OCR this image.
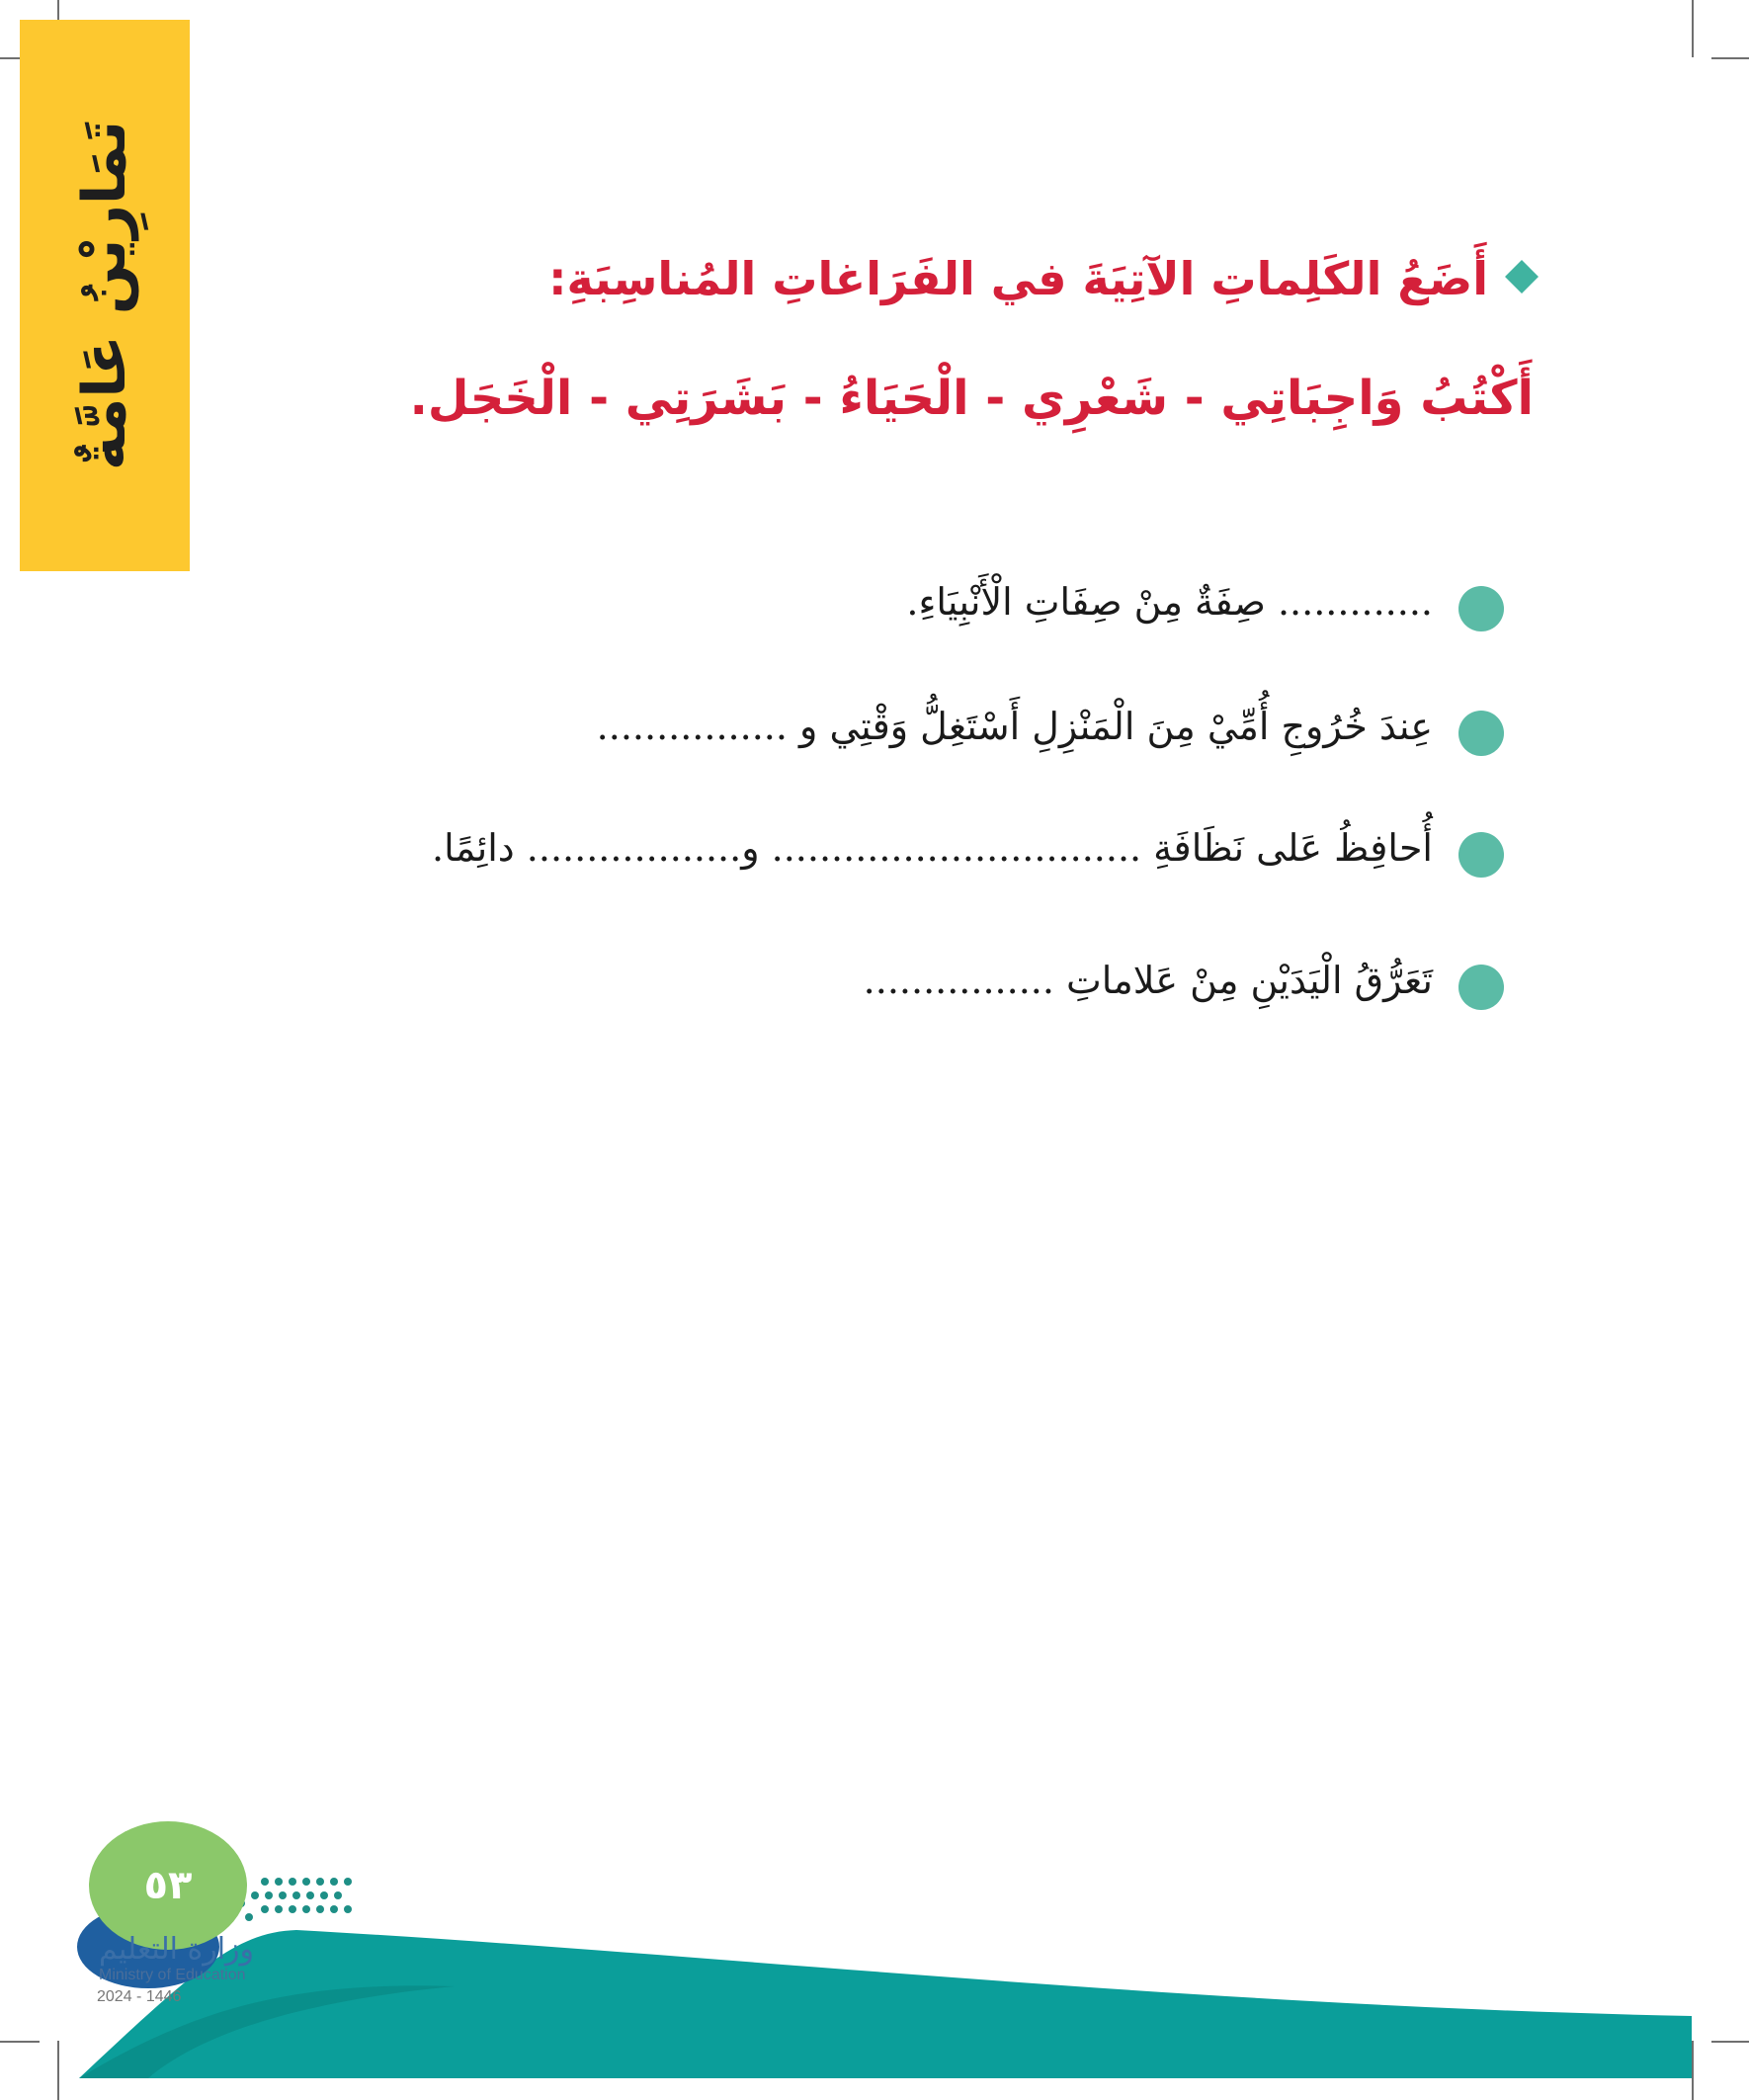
تَمَارِيْنُ عَامَّةٌ	أَضَعُ الكَلِماتِ الآتِيَةَ في الفَرَاغاتِ المُناسِبَةِ:
أَكْتُبُ وَاجِبَاتِي - شَعْرِي - الْحَيَاءُ - بَشَرَتِي - الْخَجَل.
............. صِفَةٌ مِنْ صِفَاتِ الْأَنْبِيَاءِ.
عِندَ خُرُوجِ أُمِّيْ مِنَ الْمَنْزِلِ أَسْتَغِلُّ وَقْتِي و ................
أُحافِظُ عَلى نَظَافَةِ ............................... و.................. دائِمًا.
تَعَرُّقُ الْيَدَيْنِ مِنْ عَلاماتِ ................
٥٣
وزارة التعليم
Ministry of Education
2024 - 1446
